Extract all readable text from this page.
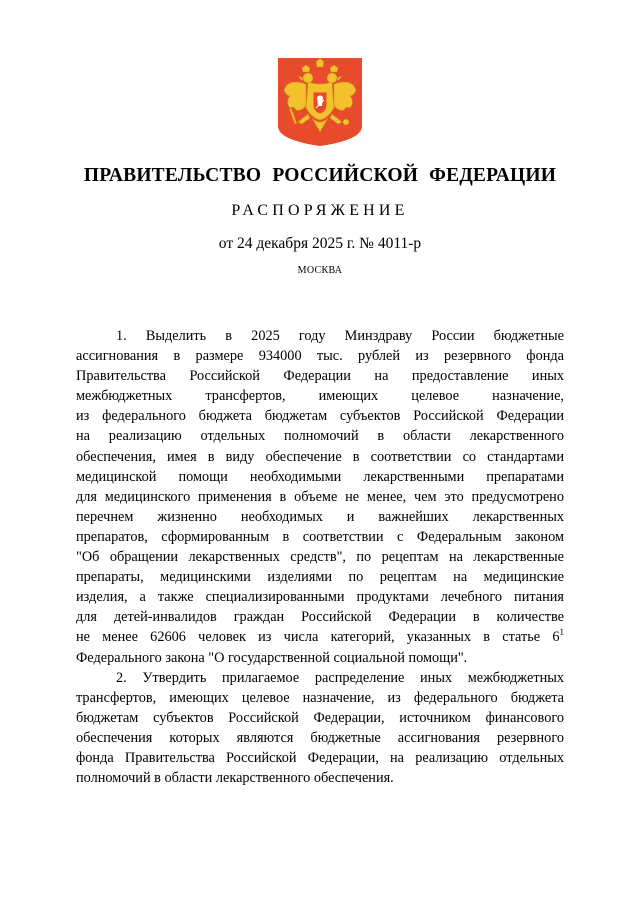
ПРАВИТЕЛЬСТВО РОССИЙСКОЙ ФЕДЕРАЦИИ
РАСПОРЯЖЕНИЕ
от 24 декабря 2025 г. № 4011-р
МОСКВА
1. Выделить в 2025 году Минздраву России бюджетные
ассигнования в размере 934000 тыс. рублей из резервного фонда
Правительства Российской Федерации на предоставление иных
межбюджетных трансфертов, имеющих целевое назначение,
из федерального бюджета бюджетам субъектов Российской Федерации
на реализацию отдельных полномочий в области лекарственного
обеспечения, имея в виду обеспечение в соответствии со стандартами
медицинской помощи необходимыми лекарственными препаратами
для медицинского применения в объеме не менее, чем это предусмотрено
перечнем жизненно необходимых и важнейших лекарственных
препаратов, сформированным в соответствии с Федеральным законом
"Об обращении лекарственных средств", по рецептам на лекарственные
препараты, медицинскими изделиями по рецептам на медицинские
изделия, а также специализированными продуктами лечебного питания
для детей-инвалидов граждан Российской Федерации в количестве
не менее 62606 человек из числа категорий, указанных в статье $6^1$
Федерального закона "О государственной социальной помощи".
2. Утвердить прилагаемое распределение иных межбюджетных
трансфертов, имеющих целевое назначение, из федерального бюджета
бюджетам субъектов Российской Федерации, источником финансового
обеспечения которых являются бюджетные ассигнования резервного
фонда Правительства Российской Федерации, на реализацию отдельных
полномочий в области лекарственного обеспечения.
